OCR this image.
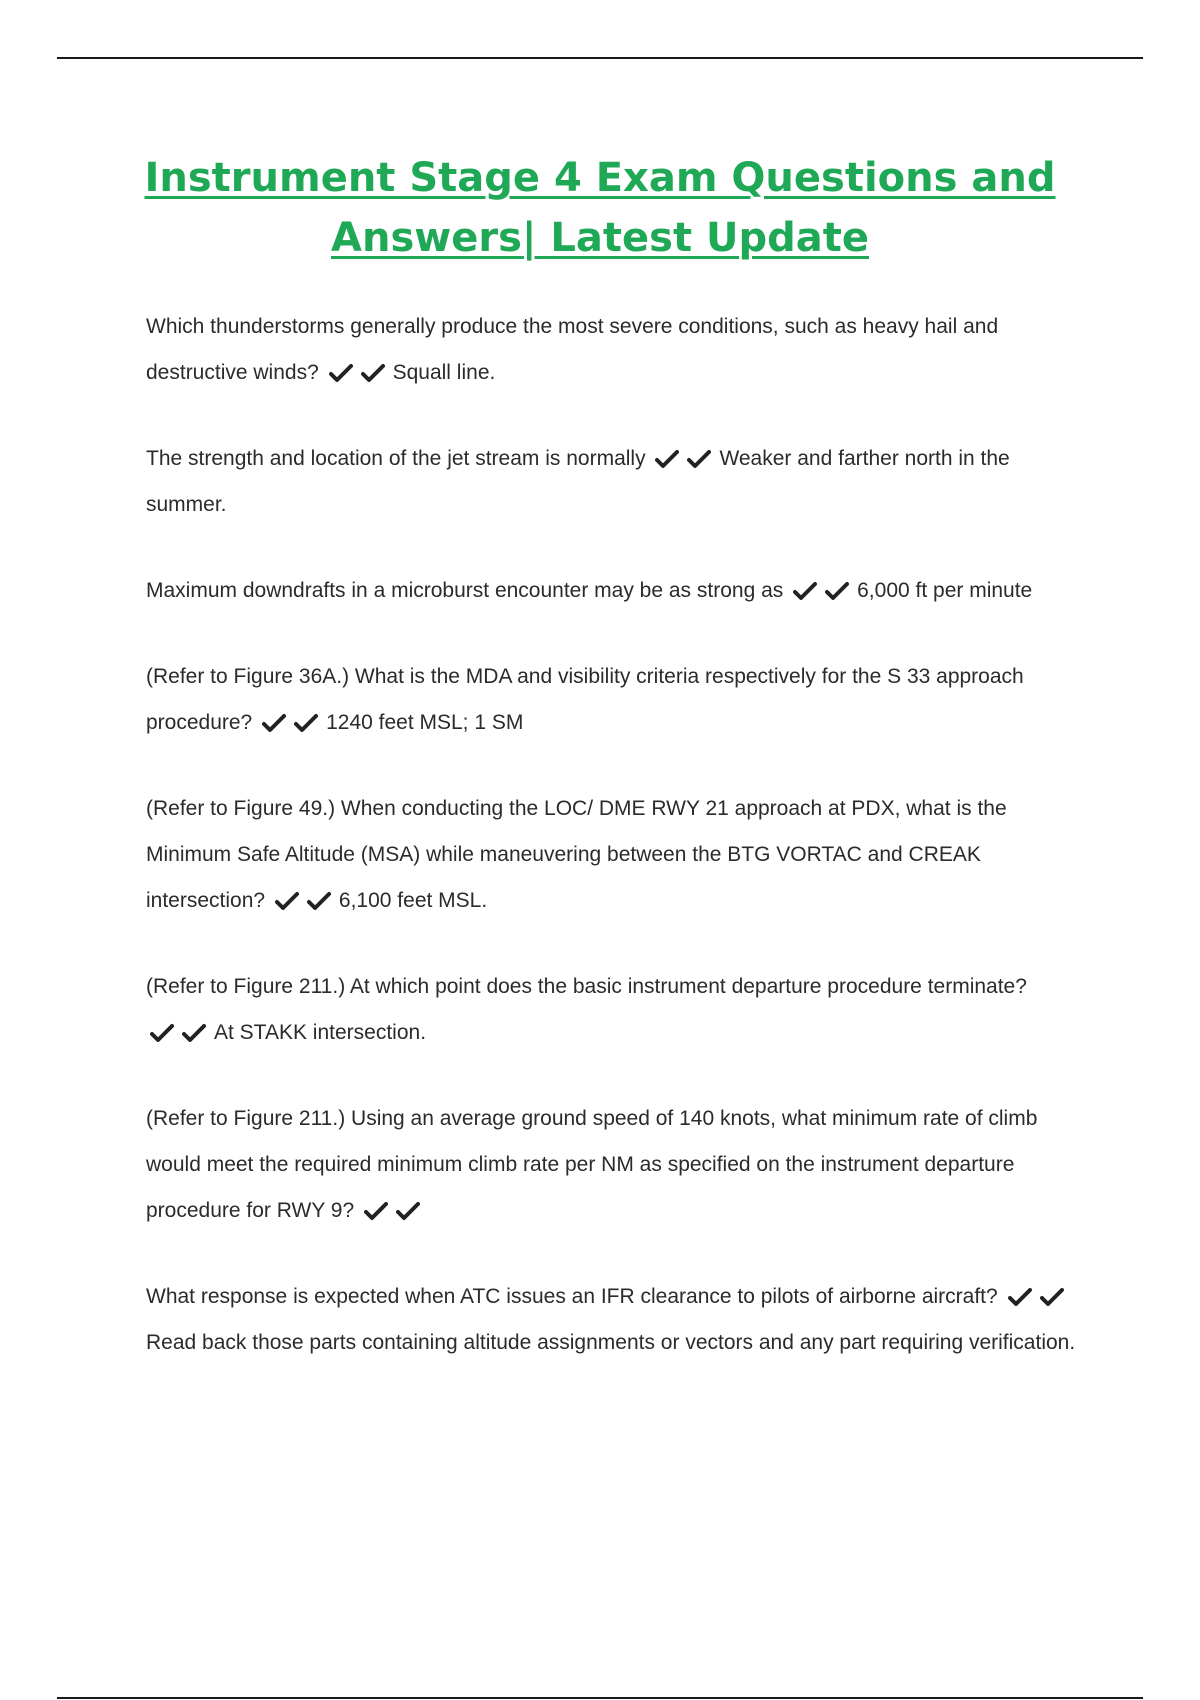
Instrument Stage 4 Exam Questions and Answers| Latest Update

Which thunderstorms generally produce the most severe conditions, such as heavy hail and destructive winds?	Squall line.

The strength and location of the jet stream is normally	Weaker and farther north in the summer.

Maximum downdrafts in a microburst encounter may be as strong as	6,000 ft per minute

(Refer to Figure 36A.) What is the MDA and visibility criteria respectively for the S 33 approach procedure?	1240 feet MSL; 1 SM

(Refer to Figure 49.) When conducting the LOC/ DME RWY 21 approach at PDX, what is the Minimum Safe Altitude (MSA) while maneuvering between the BTG VORTAC and CREAK intersection?	6,100 feet MSL.

(Refer to Figure 211.) At which point does the basic instrument departure procedure terminate? At STAKK intersection.

(Refer to Figure 211.) Using an average ground speed of 140 knots, what minimum rate of climb would meet the required minimum climb rate per NM as specified on the instrument departure procedure for RWY 9?

What response is expected when ATC issues an IFR clearance to pilots of airborne aircraft? Read back those parts containing altitude assignments or vectors and any part requiring verification.
